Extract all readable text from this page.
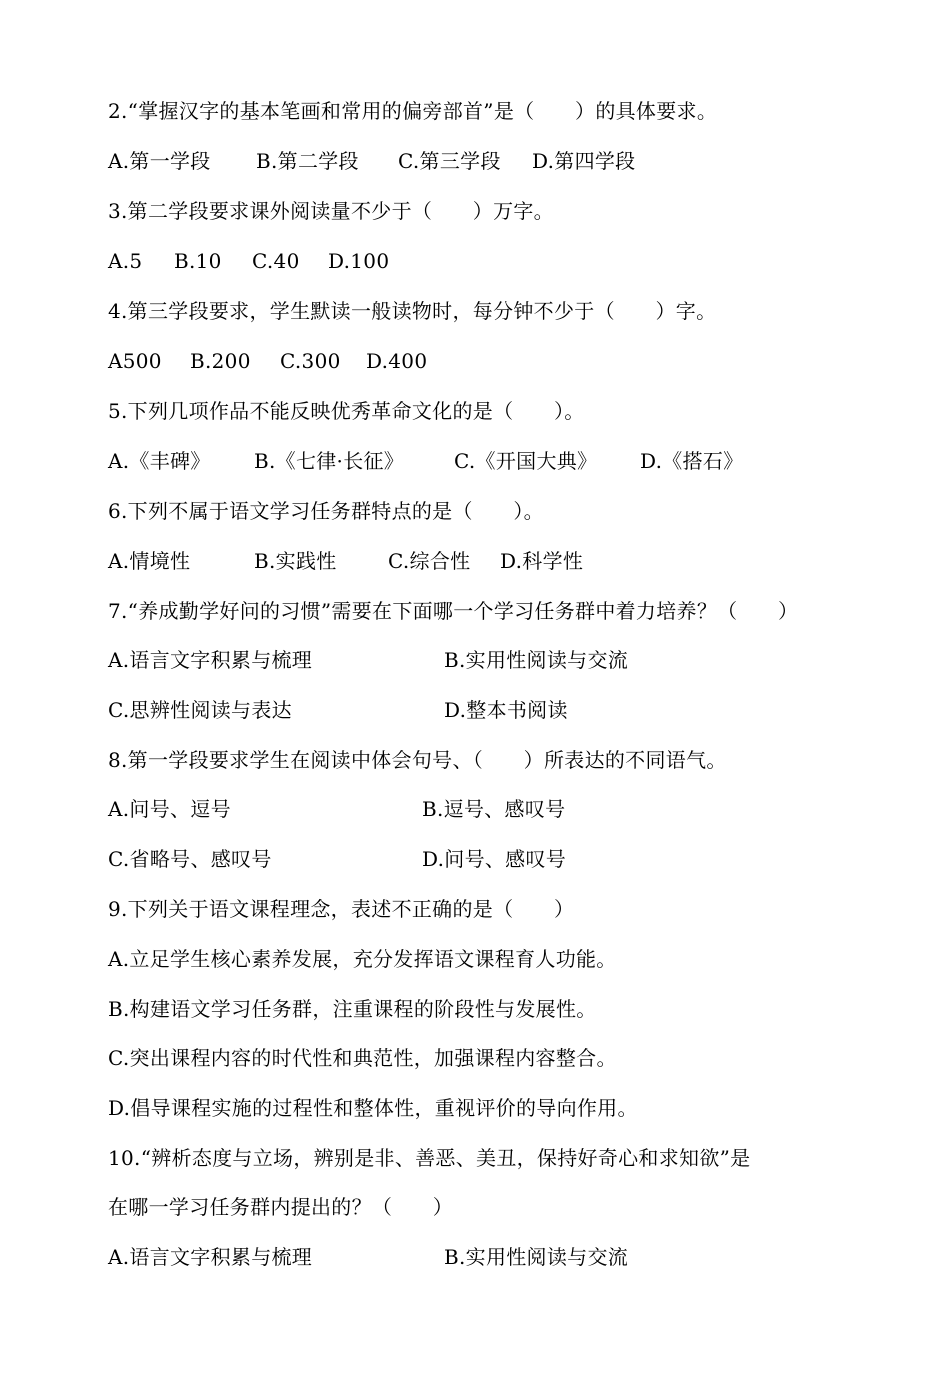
2.“掌握汉字的基本笔画和常用的偏旁部首”是（　　）的具体要求。

A.第一学段

B.第二学段

C.第三学段

D.第四学段

3.第二学段要求课外阅读量不少于（　　）万字。

A.5

B.10

C.40

D.100

4.第三学段要求，学生默读一般读物时，每分钟不少于（　　）字。

A500

B.200

C.300

D.400

5.下列几项作品不能反映优秀革命文化的是（　　）。

A.《丰碑》

B.《七律·长征》

C.《开国大典》

D.《搭石》

6.下列不属于语文学习任务群特点的是（　　）。

A.情境性

	B.实践性

	C.综合性

D.科学性

7.“养成勤学好问的习惯”需要在下面哪一个学习任务群中着力培养？（　　）

A.语言文字积累与梳理

	B.实用性阅读与交流

C.思辨性阅读与表达

	D.整本书阅读

8.第一学段要求学生在阅读中体会句号、（　　）所表达的不同语气。

A.问号、逗号

	B.逗号、感叹号

C.省略号、感叹号

	D.问号、感叹号

9.下列关于语文课程理念，表述不正确的是（　　）
A.立足学生核心素养发展，充分发挥语文课程育人功能。
B.构建语文学习任务群，注重课程的阶段性与发展性。
C.突出课程内容的时代性和典范性，加强课程内容整合。
D.倡导课程实施的过程性和整体性，重视评价的导向作用。
10.“辨析态度与立场，辨别是非、善恶、美丑，保持好奇心和求知欲”是
在哪一学习任务群内提出的？（　　）

A.语言文字积累与梳理

	B.实用性阅读与交流
